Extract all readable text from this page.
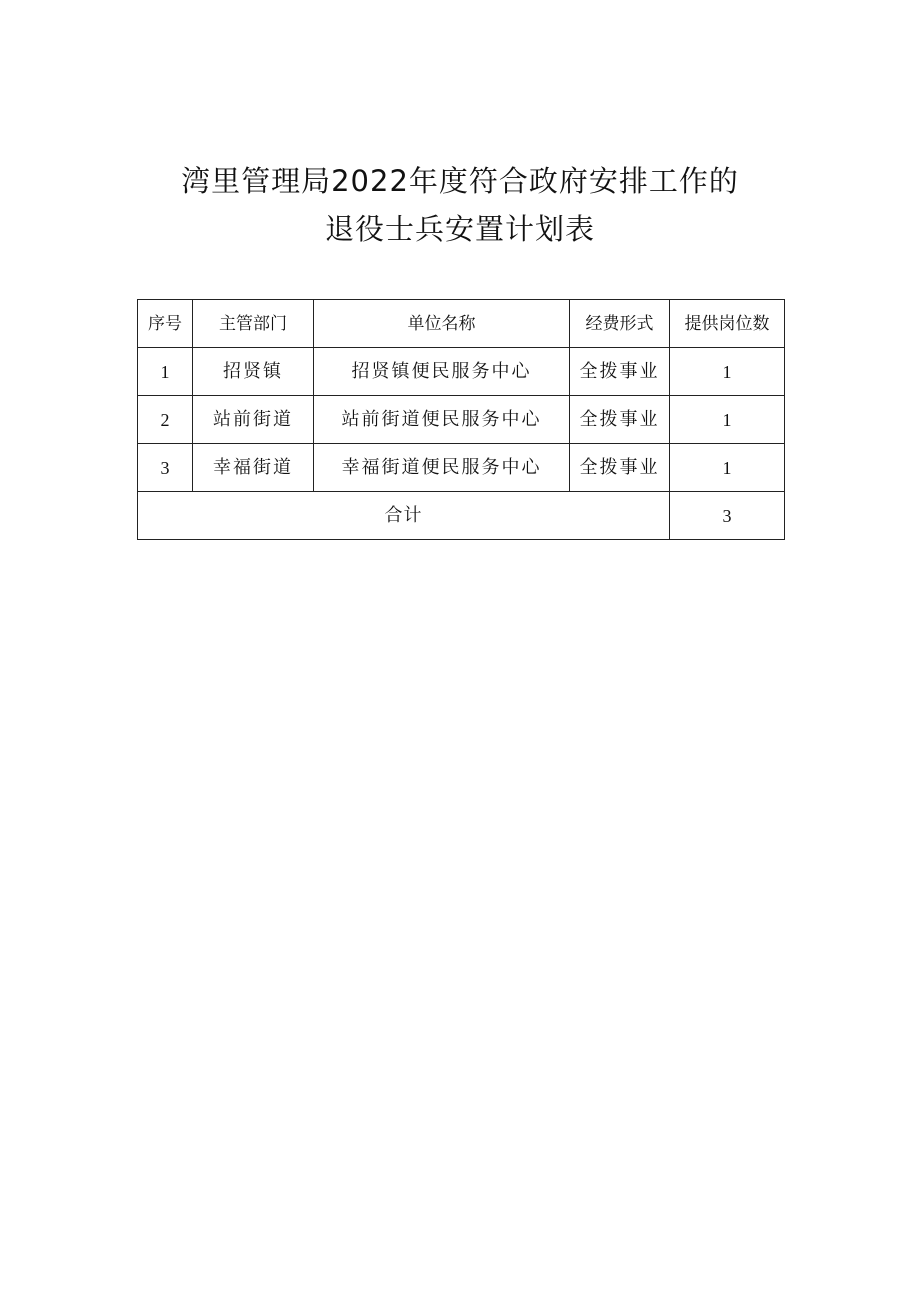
湾里管理局2022年度符合政府安排工作的
退役士兵安置计划表
序号	主管部门	单位名称	经费形式	提供岗位数
1	招贤镇	招贤镇便民服务中心	全拨事业	1
2	站前街道	站前街道便民服务中心	全拨事业	1
3	幸福街道	幸福街道便民服务中心	全拨事业	1
合计				3
